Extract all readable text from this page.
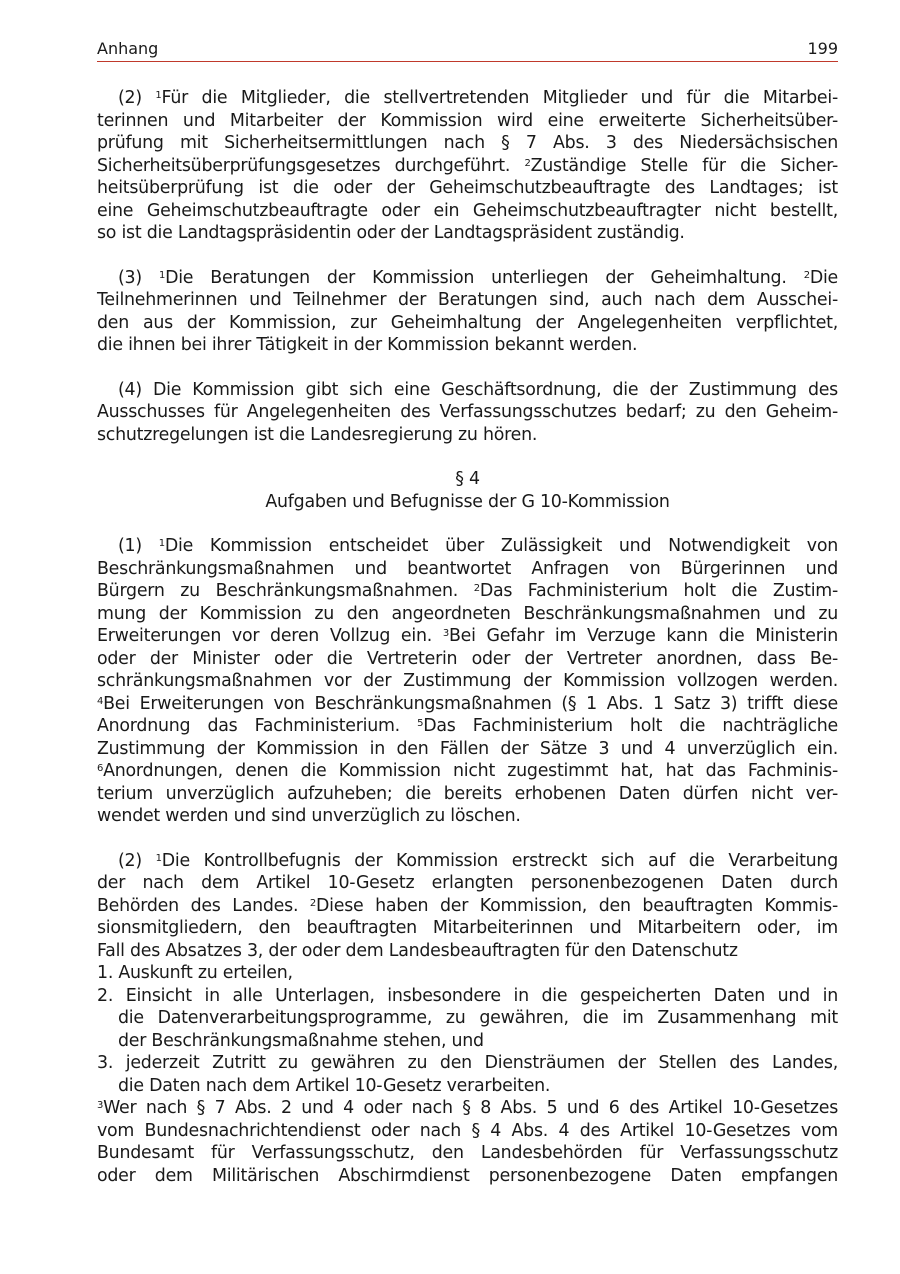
Anhang	199
(2) $^1$Für die Mitglieder, die stellvertretenden Mitglieder und für die Mitarbei-
terinnen und Mitarbeiter der Kommission wird eine erweiterte Sicherheitsüber-
prüfung mit Sicherheitsermittlungen nach § 7 Abs. 3 des Niedersächsischen
Sicherheitsüberprüfungsgesetzes durchgeführt. $^2$Zuständige Stelle für die Sicher-
heitsüberprüfung ist die oder der Geheimschutzbeauftragte des Landtages; ist
eine Geheimschutzbeauftragte oder ein Geheimschutzbeauftragter nicht bestellt,
so ist die Landtagspräsidentin oder der Landtagspräsident zuständig.
(3) $^1$Die Beratungen der Kommission unterliegen der Geheimhaltung. $^2$Die
Teilnehmerinnen und Teilnehmer der Beratungen sind, auch nach dem Ausschei-
den aus der Kommission, zur Geheimhaltung der Angelegenheiten verpflichtet,
die ihnen bei ihrer Tätigkeit in der Kommission bekannt werden.
(4) Die Kommission gibt sich eine Geschäftsordnung, die der Zustimmung des
Ausschusses für Angelegenheiten des Verfassungsschutzes bedarf; zu den Geheim-
schutzregelungen ist die Landesregierung zu hören.
§ 4
Aufgaben und Befugnisse der G 10-Kommission
(1) $^1$Die Kommission entscheidet über Zulässigkeit und Notwendigkeit von
Beschränkungsmaßnahmen und beantwortet Anfragen von Bürgerinnen und
Bürgern zu Beschränkungsmaßnahmen. $^2$Das Fachministerium holt die Zustim-
mung der Kommission zu den angeordneten Beschränkungsmaßnahmen und zu
Erweiterungen vor deren Vollzug ein. $^3$Bei Gefahr im Verzuge kann die Ministerin
oder der Minister oder die Vertreterin oder der Vertreter anordnen, dass Be-
schränkungsmaßnahmen vor der Zustimmung der Kommission vollzogen werden.
$^4$Bei Erweiterungen von Beschränkungsmaßnahmen (§ 1 Abs. 1 Satz 3) trifft diese
Anordnung das Fachministerium. $^5$Das Fachministerium holt die nachträgliche
Zustimmung der Kommission in den Fällen der Sätze 3 und 4 unverzüglich ein.
$^6$Anordnungen, denen die Kommission nicht zugestimmt hat, hat das Fachminis-
terium unverzüglich aufzuheben; die bereits erhobenen Daten dürfen nicht ver-
wendet werden und sind unverzüglich zu löschen.
(2) $^1$Die Kontrollbefugnis der Kommission erstreckt sich auf die Verarbeitung
der nach dem Artikel 10-Gesetz erlangten personenbezogenen Daten durch
Behörden des Landes. $^2$Diese haben der Kommission, den beauftragten Kommis-
sionsmitgliedern, den beauftragten Mitarbeiterinnen und Mitarbeitern oder, im
Fall des Absatzes 3, der oder dem Landesbeauftragten für den Datenschutz
1. Auskunft zu erteilen,
2. Einsicht in alle Unterlagen, insbesondere in die gespeicherten Daten und in
die Datenverarbeitungsprogramme, zu gewähren, die im Zusammenhang mit
der Beschränkungsmaßnahme stehen, und
3. jederzeit Zutritt zu gewähren zu den Diensträumen der Stellen des Landes,
die Daten nach dem Artikel 10-Gesetz verarbeiten.
$^3$Wer nach § 7 Abs. 2 und 4 oder nach § 8 Abs. 5 und 6 des Artikel 10-Gesetzes
vom Bundesnachrichtendienst oder nach § 4 Abs. 4 des Artikel 10-Gesetzes vom
Bundesamt für Verfassungsschutz, den Landesbehörden für Verfassungsschutz
oder dem Militärischen Abschirmdienst personenbezogene Daten empfangen
